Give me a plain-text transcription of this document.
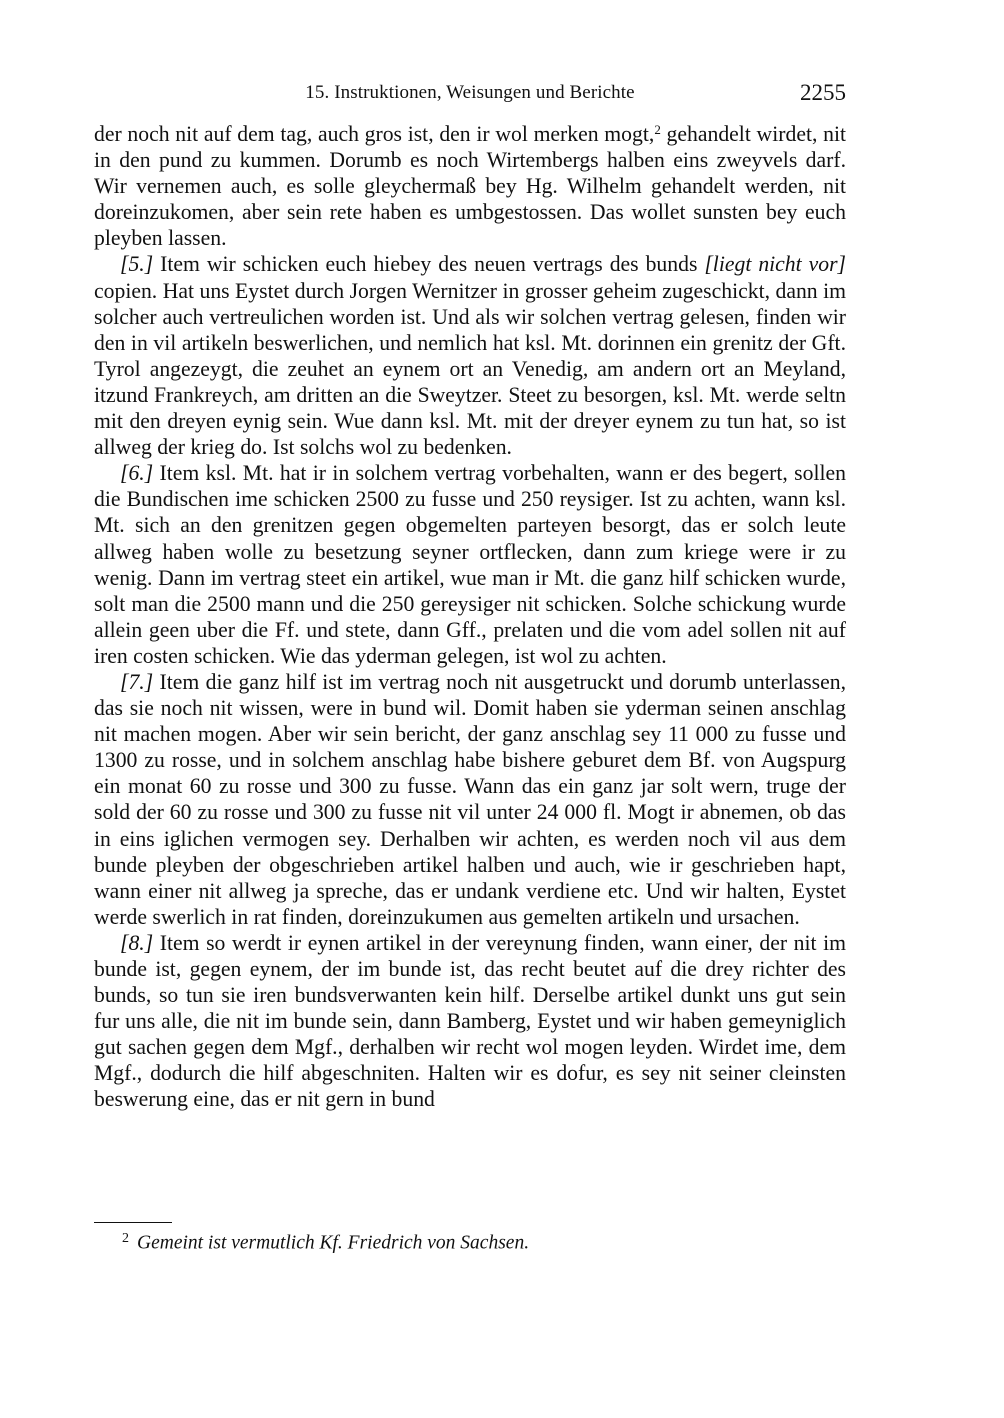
15. Instruktionen, Weisungen und Berichte	2255

der noch nit auf dem tag, auch gros ist, den ir wol merken mogt,$^2$ gehandelt wirdet, nit in den pund zu kummen. Dorumb es noch Wirtembergs halben eins zweyvels darf. Wir vernemen auch, es solle gleychermaß bey Hg. Wilhelm gehandelt werden, nit doreinzukomen, aber sein rete haben es umbgestossen. Das wollet sunsten bey euch pleyben lassen.

[5.] Item wir schicken euch hiebey des neuen vertrags des bunds [liegt nicht vor] copien. Hat uns Eystet durch Jorgen Wernitzer in grosser geheim zugeschickt, dann im solcher auch vertreulichen worden ist. Und als wir solchen vertrag gelesen, finden wir den in vil artikeln beswerlichen, und nemlich hat ksl. Mt. dorinnen ein grenitz der Gft. Tyrol angezeygt, die zeuhet an eynem ort an Venedig, am andern ort an Meyland, itzund Frankreych, am dritten an die Sweytzer. Steet zu besorgen, ksl. Mt. werde seltn mit den dreyen eynig sein. Wue dann ksl. Mt. mit der dreyer eynem zu tun hat, so ist allweg der krieg do. Ist solchs wol zu bedenken.

[6.] Item ksl. Mt. hat ir in solchem vertrag vorbehalten, wann er des begert, sollen die Bundischen ime schicken 2500 zu fusse und 250 reysiger. Ist zu achten, wann ksl. Mt. sich an den grenitzen gegen obgemelten parteyen besorgt, das er solch leute allweg haben wolle zu besetzung seyner ortflecken, dann zum kriege were ir zu wenig. Dann im vertrag steet ein artikel, wue man ir Mt. die ganz hilf schicken wurde, solt man die 2500 mann und die 250 gereysiger nit schicken. Solche schickung wurde allein geen uber die Ff. und stete, dann Gff., prelaten und die vom adel sollen nit auf iren costen schicken. Wie das yderman gelegen, ist wol zu achten.

[7.] Item die ganz hilf ist im vertrag noch nit ausgetruckt und dorumb unterlassen, das sie noch nit wissen, were in bund wil. Domit haben sie yderman seinen anschlag nit machen mogen. Aber wir sein bericht, der ganz anschlag sey 11 000 zu fusse und 1300 zu rosse, und in solchem anschlag habe bishere geburet dem Bf. von Augspurg ein monat 60 zu rosse und 300 zu fusse. Wann das ein ganz jar solt wern, truge der sold der 60 zu rosse und 300 zu fusse nit vil unter 24 000 fl. Mogt ir abnemen, ob das in eins iglichen vermogen sey. Derhalben wir achten, es werden noch vil aus dem bunde pleyben der obgeschrieben artikel halben und auch, wie ir geschrieben hapt, wann einer nit allweg ja spreche, das er undank verdiene etc. Und wir halten, Eystet werde swerlich in rat finden, doreinzukumen aus gemelten artikeln und ursachen.

[8.] Item so werdt ir eynen artikel in der vereynung finden, wann einer, der nit im bunde ist, gegen eynem, der im bunde ist, das recht beutet auf die drey richter des bunds, so tun sie iren bundsverwanten kein hilf. Derselbe artikel dunkt uns gut sein fur uns alle, die nit im bunde sein, dann Bamberg, Eystet und wir haben gemeyniglich gut sachen gegen dem Mgf., derhalben wir recht wol mogen leyden. Wirdet ime, dem Mgf., dodurch die hilf abgeschniten. Halten wir es dofur, es sey nit seiner cleinsten beswerung eine, das er nit gern in bund

$^2$ Gemeint ist vermutlich Kf. Friedrich von Sachsen.
